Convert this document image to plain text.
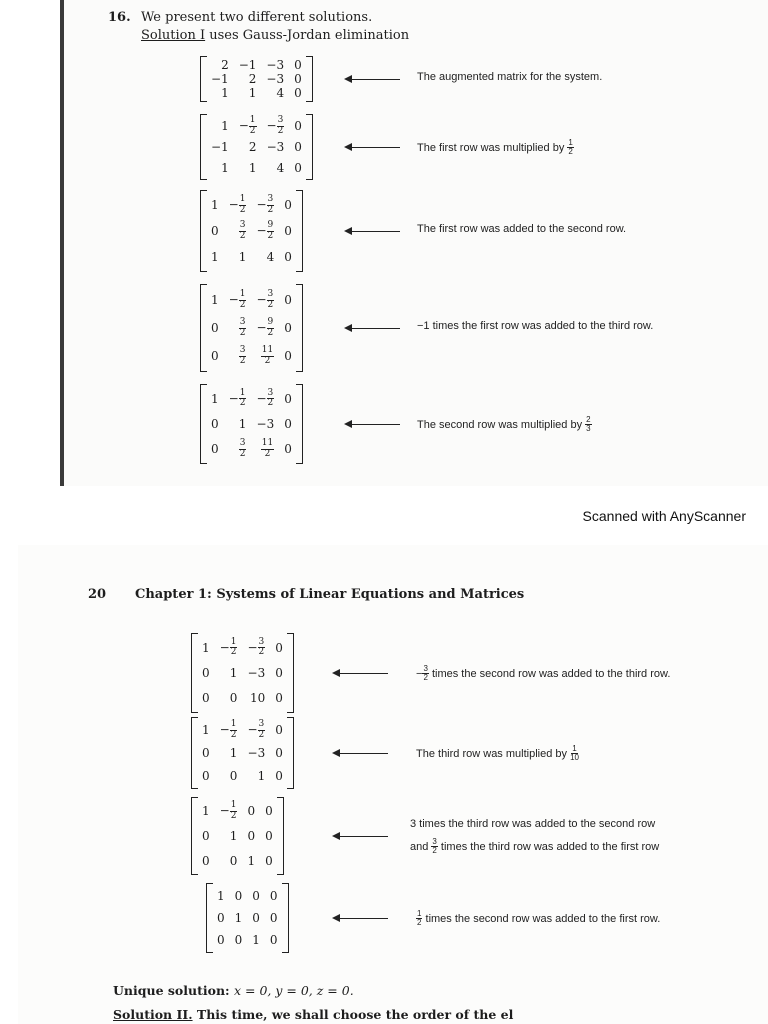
16. We present two different solutions.
Solution I uses Gauss-Jordan elimination
2 −1 −3 0
−1 2 −3 0
1 1 4 0
The augmented matrix for the system.
$1 - \frac{1}{2} - \frac{3}{2} 0$
−1 2 −3 0
1 1 4 0
The first row was multiplied by $\frac{1}{2}$
$1 - \frac{1}{2} - \frac{3}{2} 0$
$0 \frac{3}{2} - \frac{9}{2} 0$
1 1 4 0
The first row was added to the second row.
$1 - \frac{1}{2} - \frac{3}{2} 0$
$0 \frac{3}{2} - \frac{9}{2} 0$
$0 \frac{3}{2} \frac{11}{2} 0$
−1 times the first row was added to the third row.
$1 - \frac{1}{2} - \frac{3}{2} 0$
0 1 −3 0
$0 \frac{3}{2} \frac{11}{2} 0$
The second row was multiplied by $\frac{2}{3}$
Scanned with AnyScanner
20 Chapter 1: Systems of Linear Equations and Matrices
$1 - \frac{1}{2} - \frac{3}{2} 0$
0 1 −3 0
0 0 10 0
− $\frac{3}{2}$ times the second row was added to the third row.
$1 - \frac{1}{2} - \frac{3}{2} 0$
0 1 −3 0
0 0 1 0
The third row was multiplied by $\frac{1}{10}$
$1 - \frac{1}{2} 0$ 0
0 1 0 0
0 0 1 0
3 times the third row was added to the second row
and $\frac{3}{2}$ times the third row was added to the first row
1 0 0 0
0 1 0 0
0 0 1 0
$\frac{1}{2}$ times the second row was added to the first row.
Unique solution: x = 0, y = 0, z = 0.
Solution II. This time, we shall choose the order of the el
